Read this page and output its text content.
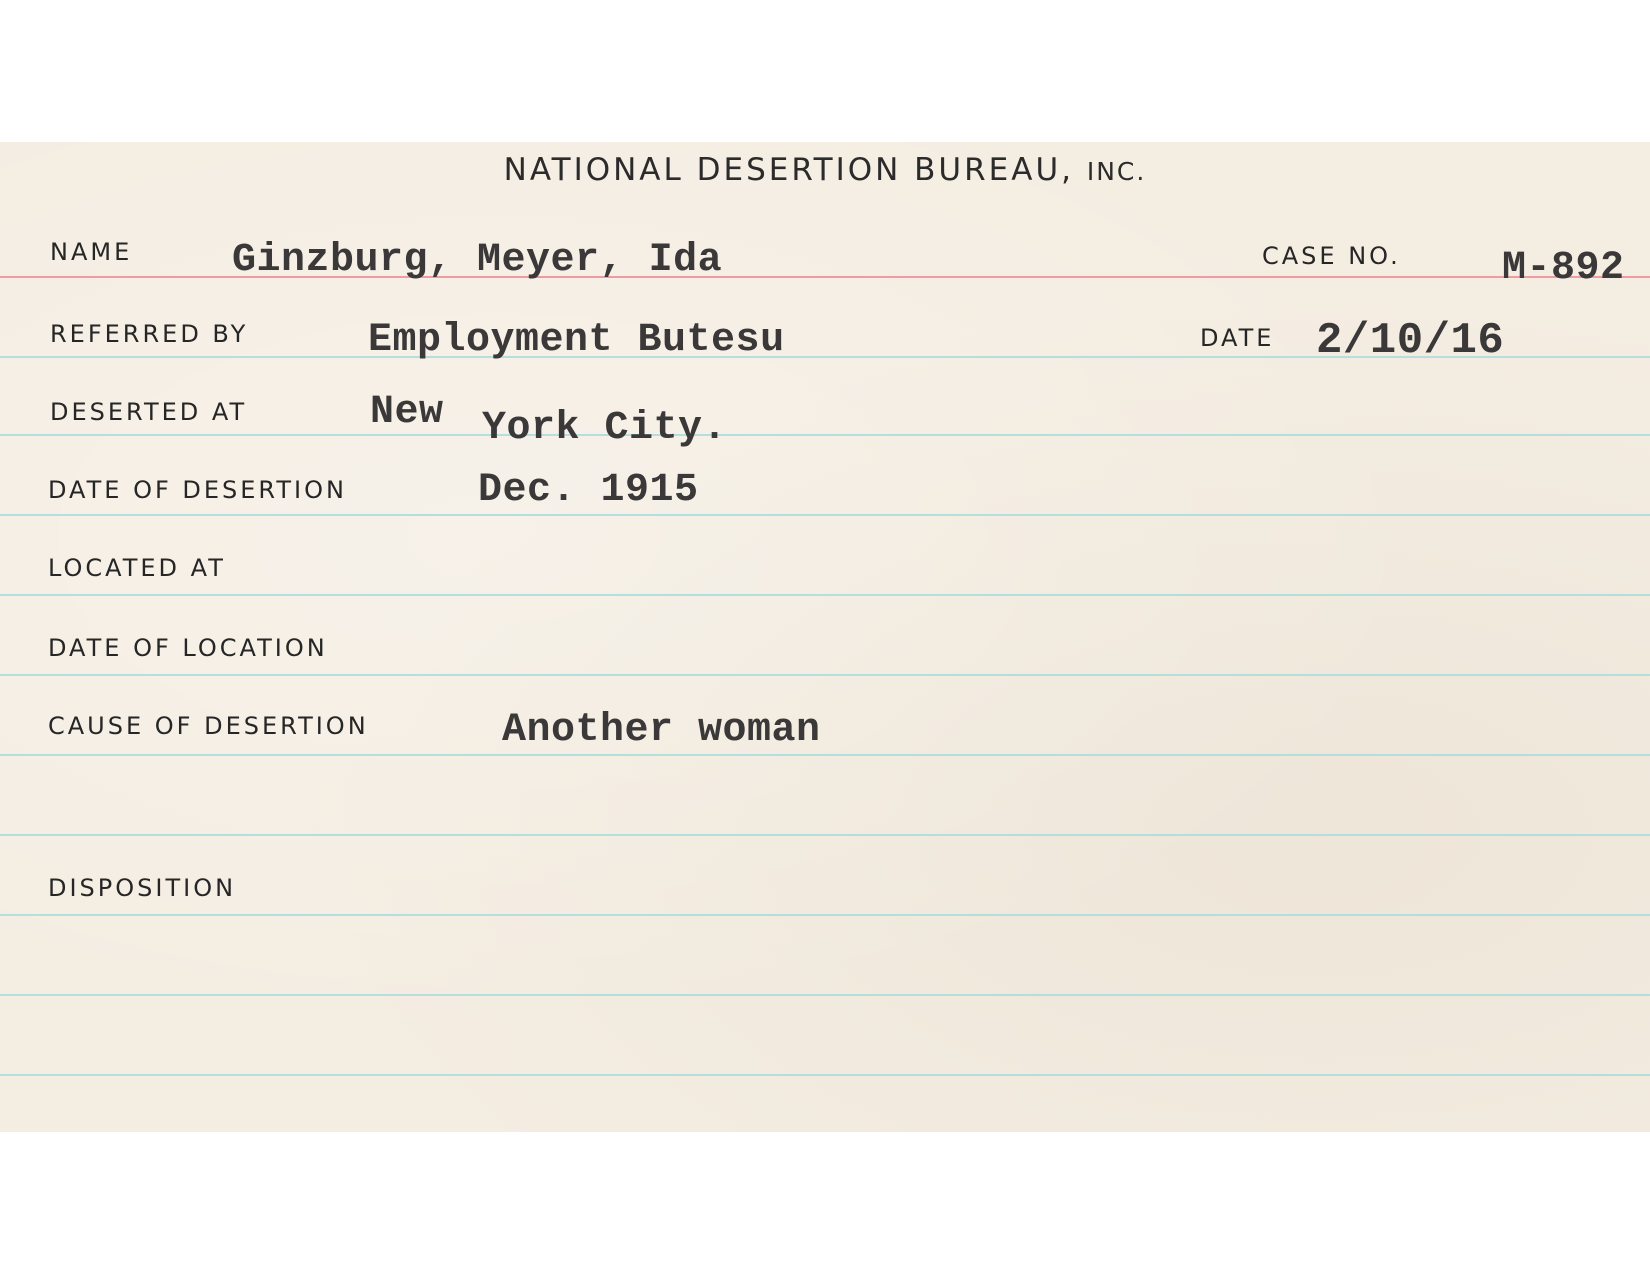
NATIONAL DESERTION BUREAU, INC.
NAME Ginzburg, Meyer, Ida	CASE NO.	M-892
REFERRED BY	Employment Butesu	DATE 2/10/16
DESERTED AT	New York City.
DATE OF DESERTION	Dec. 1915
LOCATED AT
DATE OF LOCATION
CAUSE OF DESERTION	Another woman
DISPOSITION
